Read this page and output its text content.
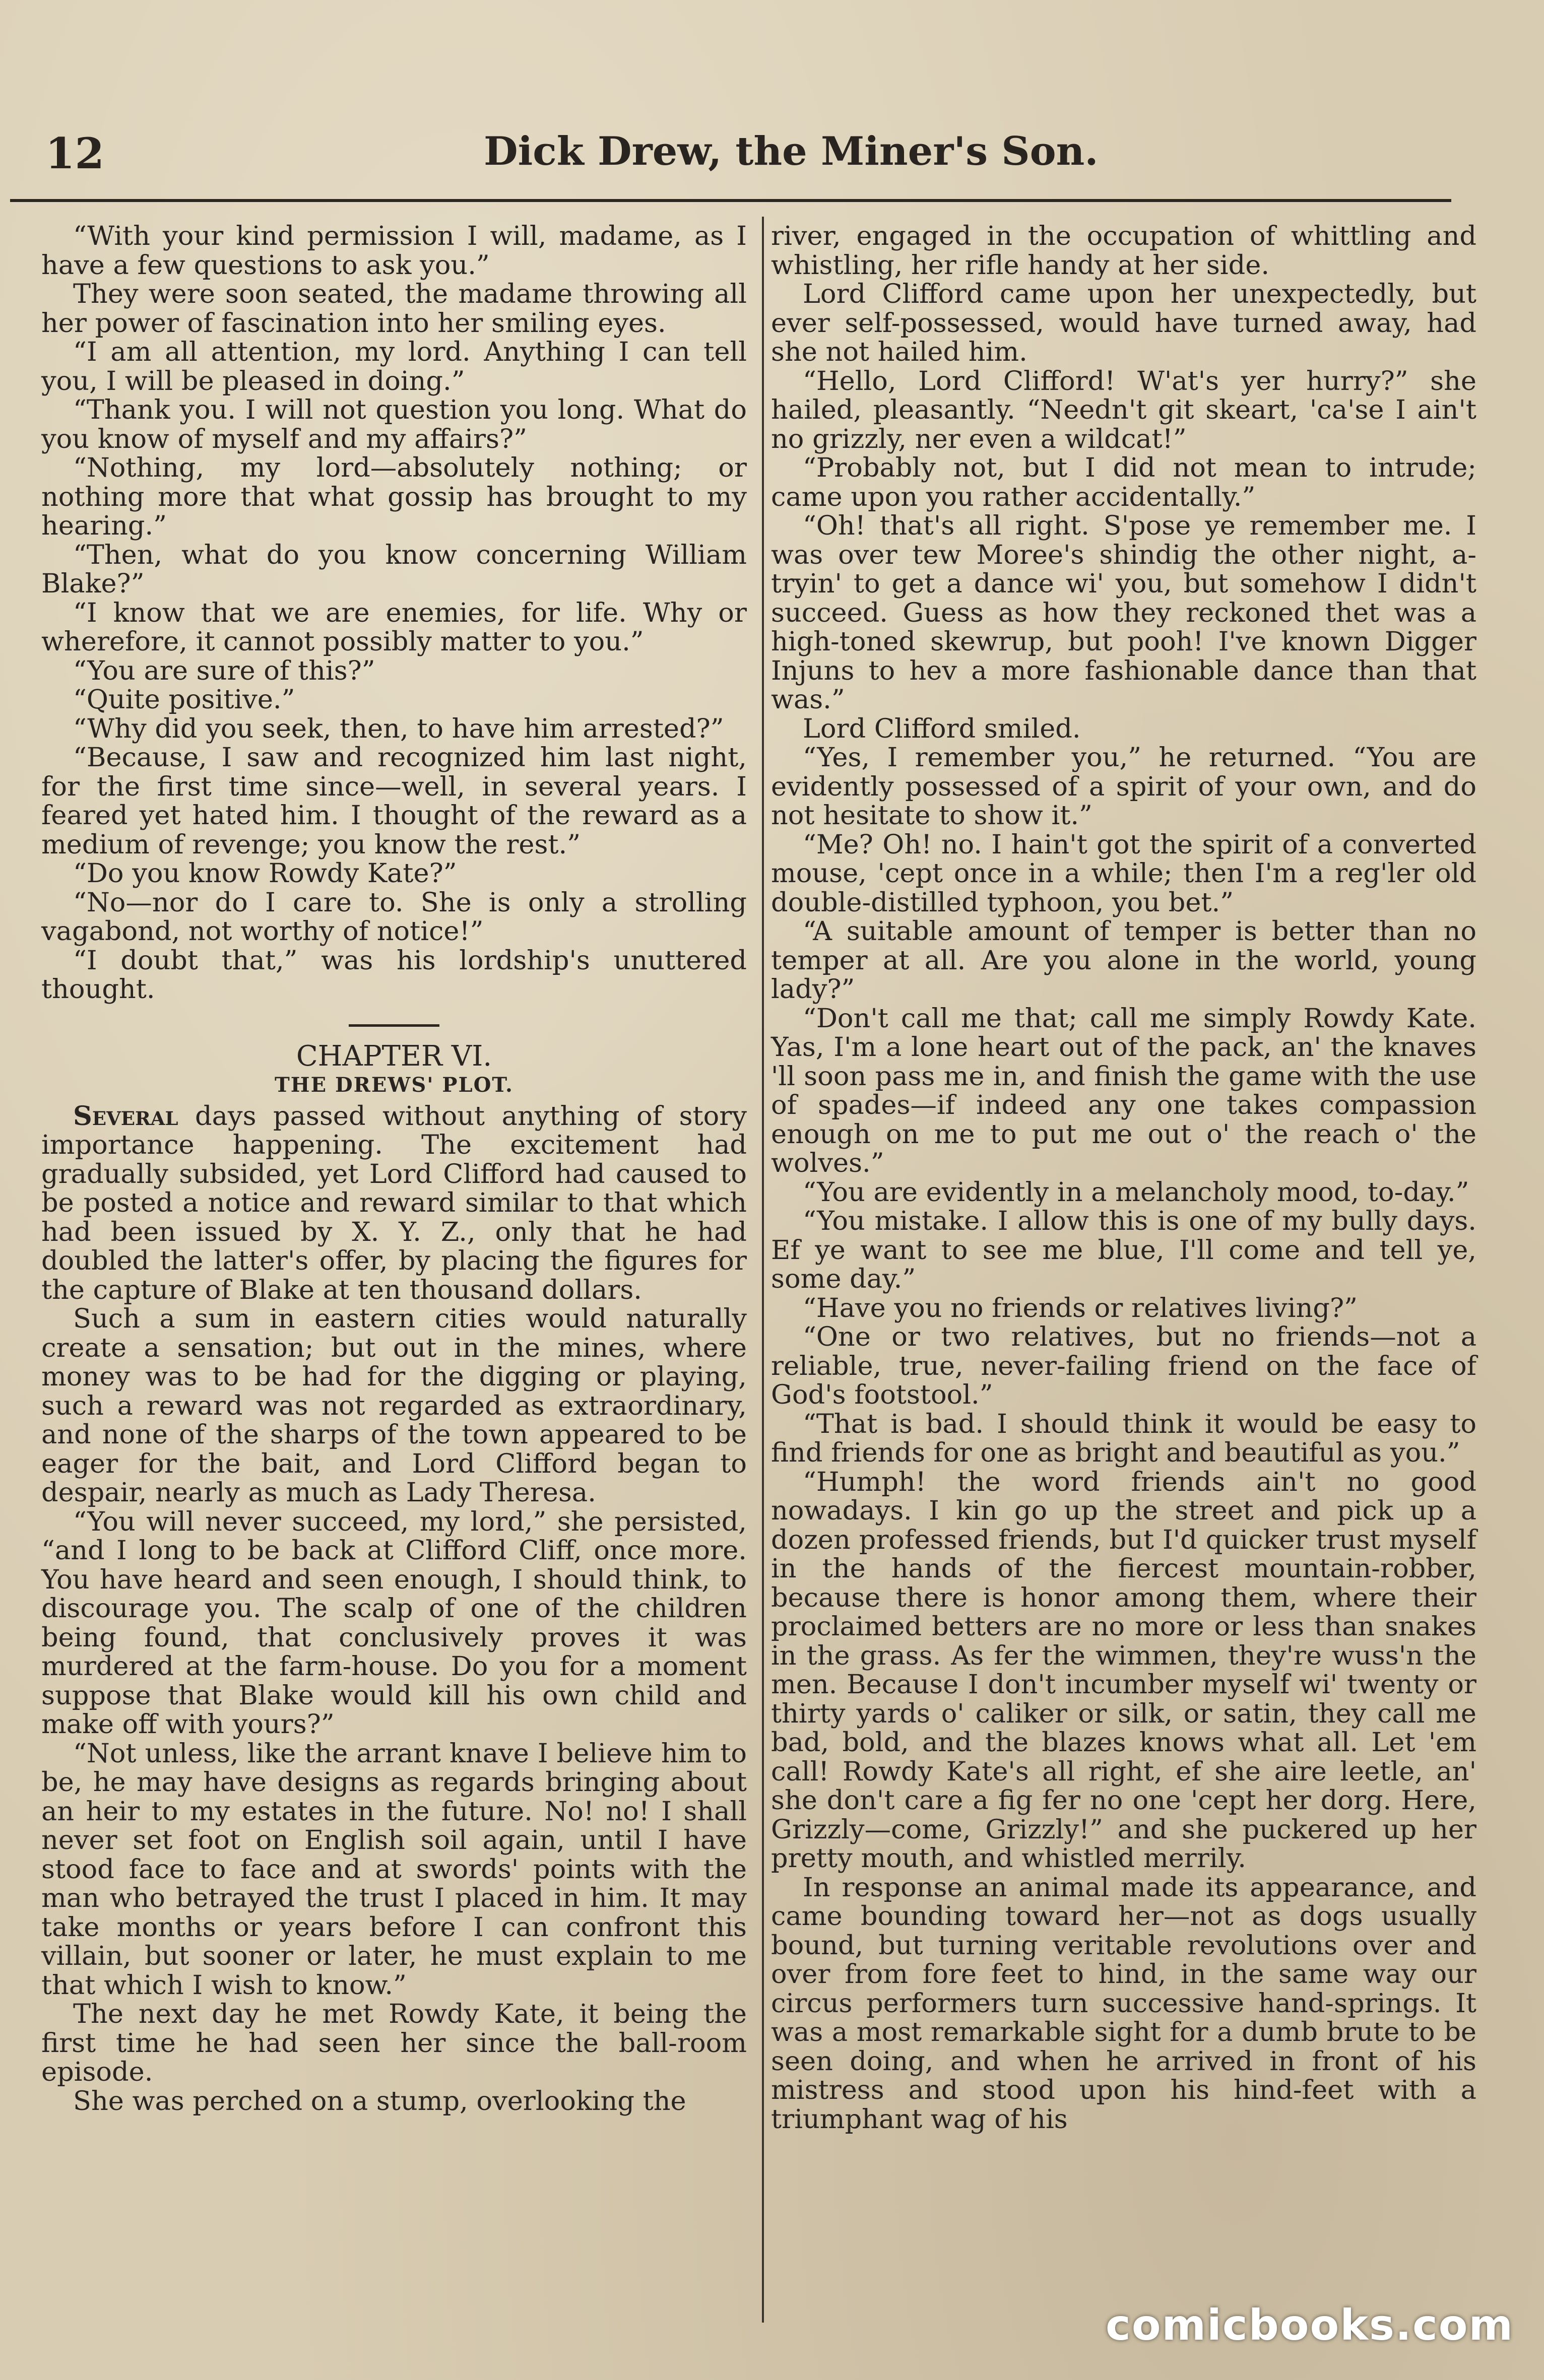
12	Dick Drew, the Miner's Son.

“With your kind permission I will, madame, as I have a few questions to ask you.”

They were soon seated, the madame throwing all her power of fascination into her smiling eyes.

“I am all attention, my lord. Anything I can tell you, I will be pleased in doing.”

“Thank you. I will not question you long. What do you know of myself and my affairs?”

“Nothing, my lord—absolutely nothing; or nothing more that what gossip has brought to my hearing.”

“Then, what do you know concerning William Blake?”

“I know that we are enemies, for life. Why or wherefore, it cannot possibly matter to you.”

“You are sure of this?”

“Quite positive.”

“Why did you seek, then, to have him arrested?”

“Because, I saw and recognized him last night, for the first time since—well, in several years. I feared yet hated him. I thought of the reward as a medium of revenge; you know the rest.”

“Do you know Rowdy Kate?”

“No—nor do I care to. She is only a strolling vagabond, not worthy of notice!”

“I doubt that,” was his lordship's unuttered thought.

CHAPTER VI.

THE DREWS' PLOT.

Several days passed without anything of story importance happening. The excitement had gradually subsided, yet Lord Clifford had caused to be posted a notice and reward similar to that which had been issued by X. Y. Z., only that he had doubled the latter's offer, by placing the figures for the capture of Blake at ten thousand dollars.

Such a sum in eastern cities would naturally create a sensation; but out in the mines, where money was to be had for the digging or playing, such a reward was not regarded as extraordinary, and none of the sharps of the town appeared to be eager for the bait, and Lord Clifford began to despair, nearly as much as Lady Theresa.

“You will never succeed, my lord,” she persisted, “and I long to be back at Clifford Cliff, once more. You have heard and seen enough, I should think, to discourage you. The scalp of one of the children being found, that conclusively proves it was murdered at the farm-house. Do you for a moment suppose that Blake would kill his own child and make off with yours?”

“Not unless, like the arrant knave I believe him to be, he may have designs as regards bringing about an heir to my estates in the future. No! no! I shall never set foot on English soil again, until I have stood face to face and at swords' points with the man who betrayed the trust I placed in him. It may take months or years before I can confront this villain, but sooner or later, he must explain to me that which I wish to know.”

The next day he met Rowdy Kate, it being the first time he had seen her since the ball-room episode.

She was perched on a stump, overlooking the

river, engaged in the occupation of whittling and whistling, her rifle handy at her side.

Lord Clifford came upon her unexpectedly, but ever self-possessed, would have turned away, had she not hailed him.

“Hello, Lord Clifford! W'at's yer hurry?” she hailed, pleasantly. “Needn't git skeart, 'ca'se I ain't no grizzly, ner even a wildcat!”

“Probably not, but I did not mean to intrude; came upon you rather accidentally.”

“Oh! that's all right. S'pose ye remember me. I was over tew Moree's shindig the other night, a-tryin' to get a dance wi' you, but somehow I didn't succeed. Guess as how they reckoned thet was a high-toned skewrup, but pooh! I've known Digger Injuns to hev a more fashionable dance than that was.”

Lord Clifford smiled.

“Yes, I remember you,” he returned. “You are evidently possessed of a spirit of your own, and do not hesitate to show it.”

“Me? Oh! no. I hain't got the spirit of a converted mouse, 'cept once in a while; then I'm a reg'ler old double-distilled typhoon, you bet.”

“A suitable amount of temper is better than no temper at all. Are you alone in the world, young lady?”

“Don't call me that; call me simply Rowdy Kate. Yas, I'm a lone heart out of the pack, an' the knaves 'll soon pass me in, and finish the game with the use of spades—if indeed any one takes compassion enough on me to put me out o' the reach o' the wolves.”

“You are evidently in a melancholy mood, to-day.”

“You mistake. I allow this is one of my bully days. Ef ye want to see me blue, I'll come and tell ye, some day.”

“Have you no friends or relatives living?”

“One or two relatives, but no friends—not a reliable, true, never-failing friend on the face of God's footstool.”

“That is bad. I should think it would be easy to find friends for one as bright and beautiful as you.”

“Humph! the word friends ain't no good nowadays. I kin go up the street and pick up a dozen professed friends, but I'd quicker trust myself in the hands of the fiercest mountain-robber, because there is honor among them, where their proclaimed betters are no more or less than snakes in the grass. As fer the wimmen, they're wuss'n the men. Because I don't incumber myself wi' twenty or thirty yards o' caliker or silk, or satin, they call me bad, bold, and the blazes knows what all. Let 'em call! Rowdy Kate's all right, ef she aire leetle, an' she don't care a fig fer no one 'cept her dorg. Here, Grizzly—come, Grizzly!” and she puckered up her pretty mouth, and whistled merrily.

In response an animal made its appearance, and came bounding toward her—not as dogs usually bound, but turning veritable revolutions over and over from fore feet to hind, in the same way our circus performers turn successive hand-springs. It was a most remarkable sight for a dumb brute to be seen doing, and when he arrived in front of his mistress and stood upon his hind-feet with a triumphant wag of his

comicbooks.com
